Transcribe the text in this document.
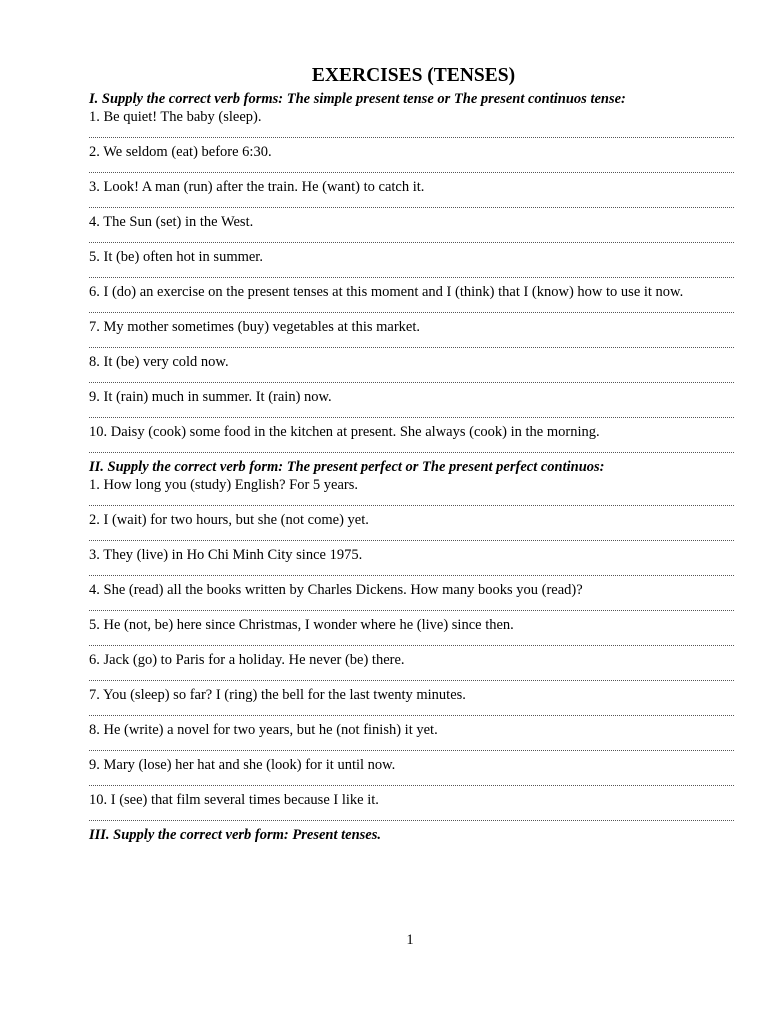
EXERCISES (TENSES)
I. Supply the correct verb forms: The simple present tense or The present continuos tense:
1. Be quiet! The baby (sleep).
2. We seldom (eat) before 6:30.
3. Look! A man (run) after the train. He (want) to catch it.
4. The Sun (set) in the West.
5. It (be) often hot in summer.
6. I (do) an exercise on the present tenses at this moment and I (think) that I (know) how to use it now.
7. My mother sometimes (buy) vegetables at this market.
8. It (be) very cold now.
9. It (rain) much in summer. It (rain) now.
10. Daisy (cook) some food in the kitchen at present. She always (cook) in the morning.
II. Supply the correct verb form: The present perfect or The present perfect continuos:
1. How long you (study) English? For 5 years.
2. I (wait) for two hours, but she (not come) yet.
3. They (live) in Ho Chi Minh City since 1975.
4. She (read) all the books written by Charles Dickens. How many books you (read)?
5. He (not, be) here since Christmas, I wonder where he (live) since then.
6. Jack (go) to Paris for a holiday. He never (be) there.
7. You (sleep) so far? I (ring) the bell for the last twenty minutes.
8. He (write) a novel for two years, but he (not finish) it yet.
9. Mary (lose) her hat and she (look) for it until now.
10. I (see) that film several times because I like it.
III. Supply the correct verb form: Present tenses.
1
